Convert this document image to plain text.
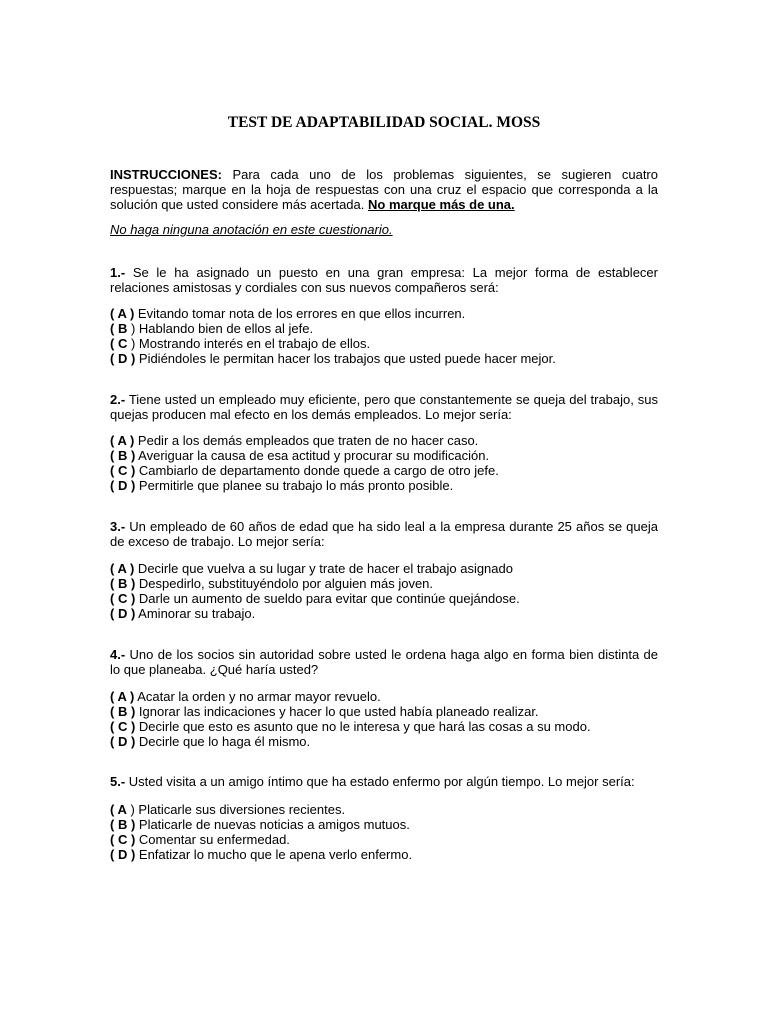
TEST DE ADAPTABILIDAD SOCIAL. MOSS
INSTRUCCIONES: Para cada uno de los problemas siguientes, se sugieren cuatro respuestas; marque en la hoja de respuestas con una cruz el espacio que corresponda a la solución que usted considere más acertada. No marque más de una.
No haga ninguna anotación en este cuestionario.

1.- Se le ha asignado un puesto en una gran empresa: La mejor forma de establecer relaciones amistosas y cordiales con sus nuevos compañeros será:

( A ) Evitando tomar nota de los errores en que ellos incurren.
( B ) Hablando bien de ellos al jefe.
( C ) Mostrando interés en el trabajo de ellos.
( D ) Pidiéndoles le permitan hacer los trabajos que usted puede hacer mejor.

2.- Tiene usted un empleado muy eficiente, pero que constantemente se queja del trabajo, sus quejas producen mal efecto en los demás empleados. Lo mejor sería:

( A ) Pedir a los demás empleados que traten de no hacer caso.
( B ) Averiguar la causa de esa actitud y procurar su modificación.
( C ) Cambiarlo de departamento donde quede a cargo de otro jefe.
( D ) Permitirle que planee su trabajo lo más pronto posible.

3.- Un empleado de 60 años de edad que ha sido leal a la empresa durante 25 años se queja de exceso de trabajo. Lo mejor sería:

( A ) Decirle que vuelva a su lugar y trate de hacer el trabajo asignado
( B ) Despedirlo, substituyéndolo por alguien más joven.
( C ) Darle un aumento de sueldo para evitar que continúe quejándose.
( D ) Aminorar su trabajo.

4.- Uno de los socios sin autoridad sobre usted le ordena haga algo en forma bien distinta de lo que planeaba. ¿Qué haría usted?

( A ) Acatar la orden y no armar mayor revuelo.
( B ) Ignorar las indicaciones y hacer lo que usted había planeado realizar.
( C ) Decirle que esto es asunto que no le interesa y que hará las cosas a su modo.
( D ) Decirle que lo haga él mismo.

5.- Usted visita a un amigo íntimo que ha estado enfermo por algún tiempo. Lo mejor sería:

( A ) Platicarle sus diversiones recientes.
( B ) Platicarle de nuevas noticias a amigos mutuos.
( C ) Comentar su enfermedad.
( D ) Enfatizar lo mucho que le apena verlo enfermo.
